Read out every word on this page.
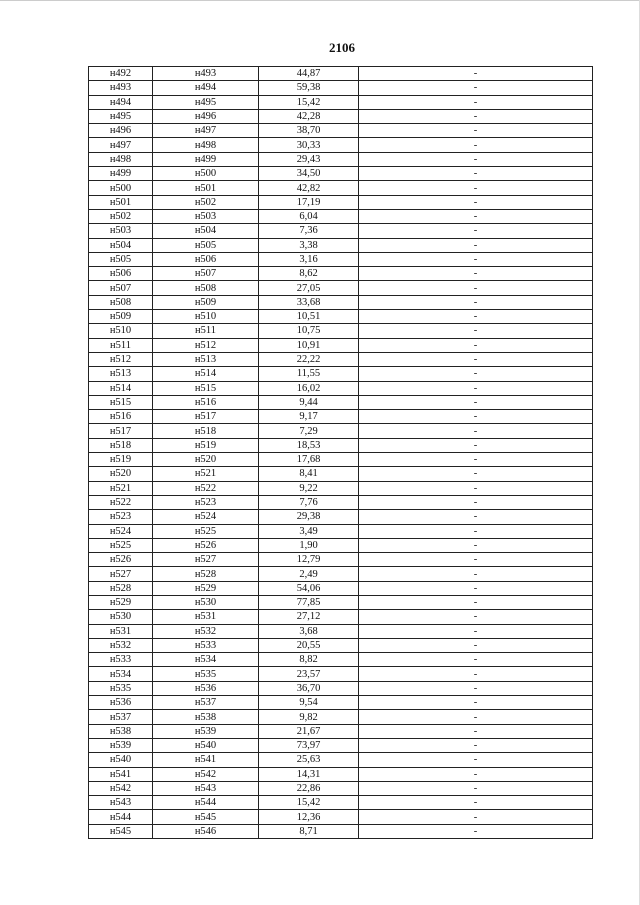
2106
н492	н493	44,87	-
н493	н494	59,38	-
н494	н495	15,42	-
н495	н496	42,28	-
н496	н497	38,70	-
н497	н498	30,33	-
н498	н499	29,43	-
н499	н500	34,50	-
н500	н501	42,82	-
н501	н502	17,19	-
н502	н503	6,04	-
н503	н504	7,36	-
н504	н505	3,38	-
н505	н506	3,16	-
н506	н507	8,62	-
н507	н508	27,05	-
н508	н509	33,68	-
н509	н510	10,51	-
н510	н511	10,75	-
н511	н512	10,91	-
н512	н513	22,22	-
н513	н514	11,55	-
н514	н515	16,02	-
н515	н516	9,44	-
н516	н517	9,17	-
н517	н518	7,29	-
н518	н519	18,53	-
н519	н520	17,68	-
н520	н521	8,41	-
н521	н522	9,22	-
н522	н523	7,76	-
н523	н524	29,38	-
н524	н525	3,49	-
н525	н526	1,90	-
н526	н527	12,79	-
н527	н528	2,49	-
н528	н529	54,06	-
н529	н530	77,85	-
н530	н531	27,12	-
н531	н532	3,68	-
н532	н533	20,55	-
н533	н534	8,82	-
н534	н535	23,57	-
н535	н536	36,70	-
н536	н537	9,54	-
н537	н538	9,82	-
н538	н539	21,67	-
н539	н540	73,97	-
н540	н541	25,63	-
н541	н542	14,31	-
н542	н543	22,86	-
н543	н544	15,42	-
н544	н545	12,36	-
н545	н546	8,71	-
